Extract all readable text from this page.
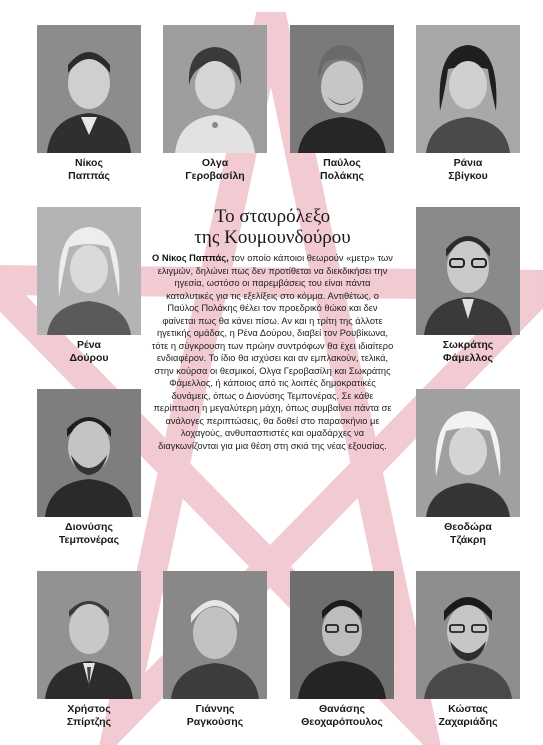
Νίκος
Παππάς
Ολγα
Γεροβασίλη
Παύλος
Πολάκης
Ράνια
Σβίγκου
Ρένα
Δούρου
Σωκράτης
Φάμελλος
Διονύσης
Τεμπονέρας
Θεοδώρα
Τζάκρη
Χρήστος
Σπίρτζης
Γιάννης
Ραγκούσης
Θανάσης
Θεοχαρόπουλος
Κώστας
Ζαχαριάδης
Το σταυρόλεξο
της Κουμουνδούρου

Ο Νίκος Παππάς, τον οποίο κάποιοι θεωρούν «μετρ» των ελιγμών, δηλώνει πως δεν προτίθεται να διεκδικήσει την ηγεσία, ωστόσο οι παρεμβάσεις του είναι πάντα καταλυτικές για τις εξελίξεις στο κόμμα. Αντιθέτως, ο Παύλος Πολάκης θέλει τον προεδρικό θώκο και δεν φαίνεται πως θα κάνει πίσω. Αν και η τρίτη της άλλοτε ηγετικής ομάδας, η Ρένα Δούρου, διαβεί τον Ρουβίκωνα, τότε η σύγκρουση των πρώην συντρόφων θα έχει ιδιαίτερο ενδιαφέρον. Το ίδιο θα ισχύσει και αν εμπλακούν, τελικά, στην κούρσα οι θεσμικοί, Ολγα Γεροβασίλη και Σωκράτης Φάμελλος, ή κάποιος από τις λοιπές δημοκρατικές δυνάμεις, όπως ο Διονύσης Τεμπονέρας. Σε κάθε περίπτωση η μεγαλύτερη μάχη, όπως συμβαίνει πάντα σε ανάλογες περιπτώσεις, θα δοθεί στο παρασκήνιο με λοχαγούς, ανθυπασπιστές και ομαδάρχες να διαγκωνίζονται για μια θέση στη σκιά της νέας εξουσίας.
